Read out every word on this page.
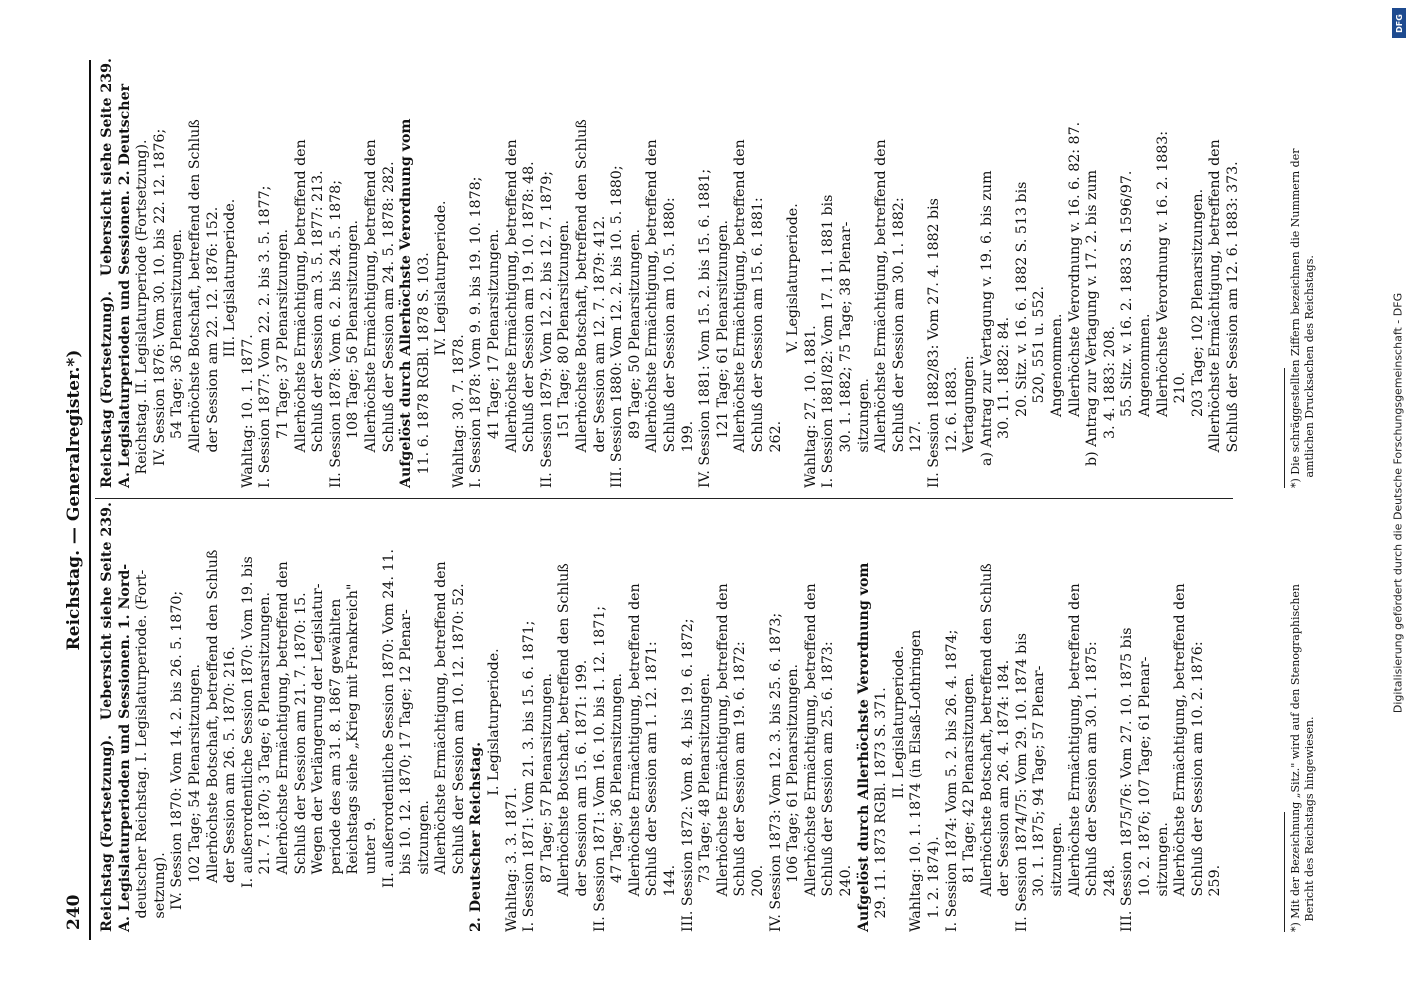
240
Reichstag. — Generalregister.*)
Reichstag (Fortsetzung).   Uebersicht siehe Seite 239. A. Legislaturperioden und Sessionen. 1. Nord- deutscher Reichstag. I. Legislaturperiode. (Fort- setzung). IV. Session 1870: Vom 14. 2. bis 26. 5. 1870; 102 Tage; 54 Plenarsitzungen. Allerhöchste Botschaft, betreffend den Schluß der Session am 26. 5. 1870: 216. I. außerordentliche Session 1870: Vom 19. bis 21. 7. 1870; 3 Tage; 6 Plenarsitzungen. Allerhöchste Ermächtigung, betreffend den Schluß der Session am 21. 7. 1870: 15. Wegen der Verlängerung der Legislatur- periode des am 31. 8. 1867 gewählten Reichstags siehe „Krieg mit Frankreich" unter 9. II. außerordentliche Session 1870: Vom 24. 11. bis 10. 12. 1870; 17 Tage; 12 Plenar- sitzungen. Allerhöchste Ermächtigung, betreffend den Schluß der Session am 10. 12. 1870: 52. 2. Deutscher Reichstag.
I. Legislaturperiode.
Wahltag: 3. 3. 1871. I. Session 1871: Vom 21. 3. bis 15. 6. 1871; 87 Tage; 57 Plenarsitzungen. Allerhöchste Botschaft, betreffend den Schluß der Session am 15. 6. 1871: 199. II. Session 1871: Vom 16. 10. bis 1. 12. 1871; 47 Tage; 36 Plenarsitzungen. Allerhöchste Ermächtigung, betreffend den Schluß der Session am 1. 12. 1871: 144. III. Session 1872: Vom 8. 4. bis 19. 6. 1872; 73 Tage; 48 Plenarsitzungen. Allerhöchste Ermächtigung, betreffend den Schluß der Session am 19. 6. 1872: 200. IV. Session 1873: Vom 12. 3. bis 25. 6. 1873; 106 Tage; 61 Plenarsitzungen. Allerhöchste Ermächtigung, betreffend den Schluß der Session am 25. 6. 1873: 240. Aufgelöst durch Allerhöchste Verordnung vom 29. 11. 1873 RGBl. 1873 S. 371. II. Legislaturperiode. Wahltag: 10. 1. 1874 (in Elsaß-Lothringen 1. 2. 1874). I. Session 1874: Vom 5. 2. bis 26. 4. 1874; 81 Tage; 42 Plenarsitzungen. Allerhöchste Botschaft, betreffend den Schluß der Session am 26. 4. 1874: 184. II. Session 1874/75: Vom 29. 10. 1874 bis 30. 1. 1875; 94 Tage; 57 Plenar- sitzungen. Allerhöchste Ermächtigung, betreffend den Schluß der Session am 30. 1. 1875: 248. III. Session 1875/76: Vom 27. 10. 1875 bis 10. 2. 1876; 107 Tage; 61 Plenar- sitzungen. Allerhöchste Ermächtigung, betreffend den Schluß der Session am 10. 2. 1876: 259.
Reichstag (Fortsetzung).   Uebersicht siehe Seite 239. A. Legislaturperioden und Sessionen. 2. Deutscher Reichstag. II. Legislaturperiode (Fortsetzung). IV. Session 1876: Vom 30. 10. bis 22. 12. 1876; 54 Tage; 36 Plenarsitzungen. Allerhöchste Botschaft, betreffend den Schluß der Session am 22. 12. 1876: 152. III. Legislaturperiode.
Wahltag: 10. 1. 1877. I. Session 1877: Vom 22. 2. bis 3. 5. 1877; 71 Tage; 37 Plenarsitzungen. Allerhöchste Ermächtigung, betreffend den Schluß der Session am 3. 5. 1877: 213. II. Session 1878: Vom 6. 2. bis 24. 5. 1878; 108 Tage; 56 Plenarsitzungen. Allerhöchste Ermächtigung, betreffend den Schluß der Session am 24. 5. 1878: 282. Aufgelöst durch Allerhöchste Verordnung vom 11. 6. 1878 RGBl. 1878 S. 103. IV. Legislaturperiode.
Wahltag: 30. 7. 1878. I. Session 1878: Vom 9. 9. bis 19. 10. 1878; 41 Tage; 17 Plenarsitzungen. Allerhöchste Ermächtigung, betreffend den Schluß der Session am 19. 10. 1878: 48. II. Session 1879: Vom 12. 2. bis 12. 7. 1879; 151 Tage; 80 Plenarsitzungen. Allerhöchste Botschaft, betreffend den Schluß der Session am 12. 7. 1879: 412. III. Session 1880: Vom 12. 2. bis 10. 5. 1880; 89 Tage; 50 Plenarsitzungen. Allerhöchste Ermächtigung, betreffend den Schluß der Session am 10. 5. 1880: 199. IV. Session 1881: Vom 15. 2. bis 15. 6. 1881; 121 Tage; 61 Plenarsitzungen. Allerhöchste Ermächtigung, betreffend den Schluß der Session am 15. 6. 1881: 262.
V. Legislaturperiode.
Wahltag: 27. 10. 1881. I. Session 1881/82: Vom 17. 11. 1881 bis 30. 1. 1882; 75 Tage; 38 Plenar- sitzungen. Allerhöchste Ermächtigung, betreffend den Schluß der Session am 30. 1. 1882: 127. II. Session 1882/83: Vom 27. 4. 1882 bis 12. 6. 1883. Vertagungen: a) Antrag zur Vertagung v. 19. 6. bis zum 30. 11. 1882: 84. 20. Sitz. v. 16. 6. 1882 S. 513 bis 520, 551 u. 552. Angenommen. Allerhöchste Verordnung v. 16. 6. 82: 87. b) Antrag zur Vertagung v. 17. 2. bis zum 3. 4. 1883: 208. 55. Sitz. v. 16. 2. 1883 S. 1596/97. Angenommen. Allerhöchste Verordnung v. 16. 2. 1883: 210. 203 Tage; 102 Plenarsitzungen. Allerhöchste Ermächtigung, betreffend den Schluß der Session am 12. 6. 1883: 373.
*) Mit der Bezeichnung „Sitz." wird auf den Stenographischen
Bericht des Reichstags hingewiesen.
*) Die schräggestellten Ziffern bezeichnen die Nummern der
amtlichen Drucksachen des Reichstags.
Digitalisierung gefördert durch die Deutsche Forschungsgemeinschaft - DFG
DFG
